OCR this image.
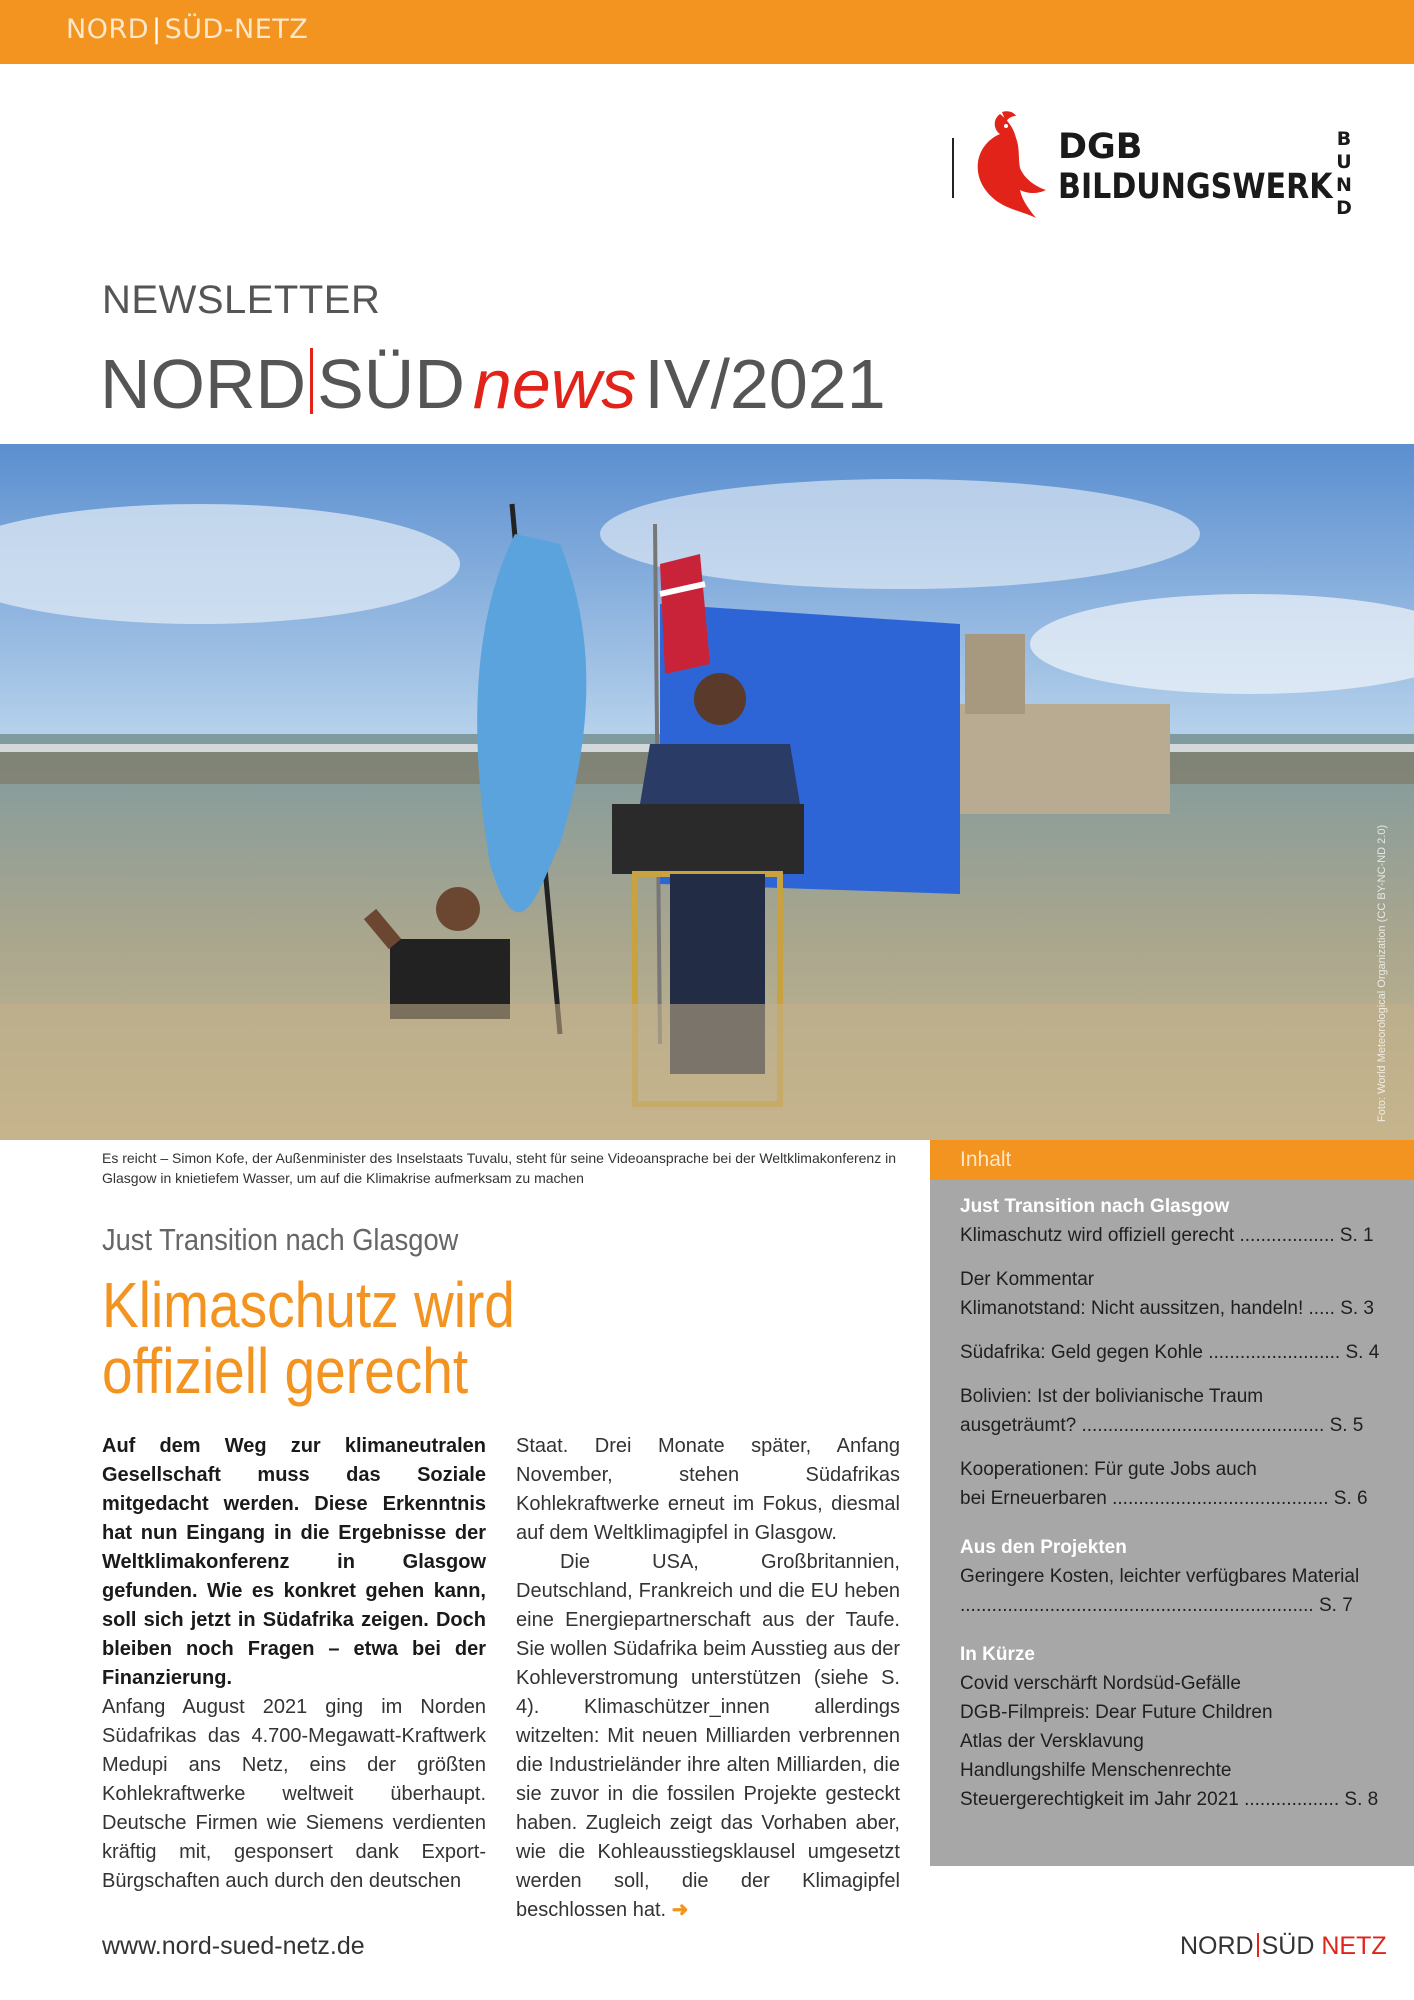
NORD | SÜD-NETZ
DGB
BILDUNGSWERK
B
U
N
D
NEWSLETTER
NORD SÜD news IV/2021
Foto: World Meteorological Organization (CC BY-NC-ND 2.0)
Es reicht – Simon Kofe, der Außenminister des Inselstaats Tuvalu, steht für seine Videoansprache bei der Weltklimakonferenz in Glasgow in knietiefem Wasser, um auf die Klimakrise aufmerksam zu machen
Just Transition nach Glasgow
Klimaschutz wird
offiziell gerecht

Auf dem Weg zur klimaneutralen Gesellschaft muss das Soziale mitgedacht werden. Diese Erkenntnis hat nun Eingang in die Ergebnisse der Weltklimakonferenz in Glasgow gefunden. Wie es konkret gehen kann, soll sich jetzt in Südafrika zeigen. Doch bleiben noch Fragen – etwa bei der Finanzierung.

Anfang August 2021 ging im Norden Südafrikas das 4.700-Megawatt-Kraftwerk Medupi ans Netz, eins der größten Kohlekraftwerke weltweit überhaupt. Deutsche Firmen wie Siemens verdienten kräftig mit, gesponsert dank Export-Bürgschaften auch durch den deutschen

Staat. Drei Monate später, Anfang November, stehen Südafrikas Kohlekraftwerke erneut im Fokus, diesmal auf dem Weltklimagipfel in Glasgow.

Die USA, Großbritannien, Deutschland, Frankreich und die EU heben eine Energiepartnerschaft aus der Taufe. Sie wollen Südafrika beim Ausstieg aus der Kohleverstromung unterstützen (siehe S. 4). Klimaschützer_innen allerdings witzelten: Mit neuen Milliarden verbrennen die Industrieländer ihre alten Milliarden, die sie zuvor in die fossilen Projekte gesteckt haben. Zugleich zeigt das Vorhaben aber, wie die Kohleausstiegsklausel umgesetzt werden soll, die der Klimagipfel beschlossen hat. ➜

Inhalt
Just Transition nach Glasgow
Klimaschutz wird offiziell gerecht .................. S. 1
Der Kommentar
Klimanotstand: Nicht aussitzen, handeln! ..... S. 3
Südafrika: Geld gegen Kohle ......................... S. 4
Bolivien: Ist der bolivianische Traum
ausgeträumt? .............................................. S. 5
Kooperationen: Für gute Jobs auch
bei Erneuerbaren ......................................... S. 6
Aus den Projekten
Geringere Kosten, leichter verfügbares Material
................................................................... S. 7
In Kürze
Covid verschärft Nordsüd-Gefälle
DGB-Filmpreis: Dear Future Children
Atlas der Versklavung
Handlungshilfe Menschenrechte
Steuergerechtigkeit im Jahr 2021 .................. S. 8
www.nord-sued-netz.de	NORD SÜD NETZ
